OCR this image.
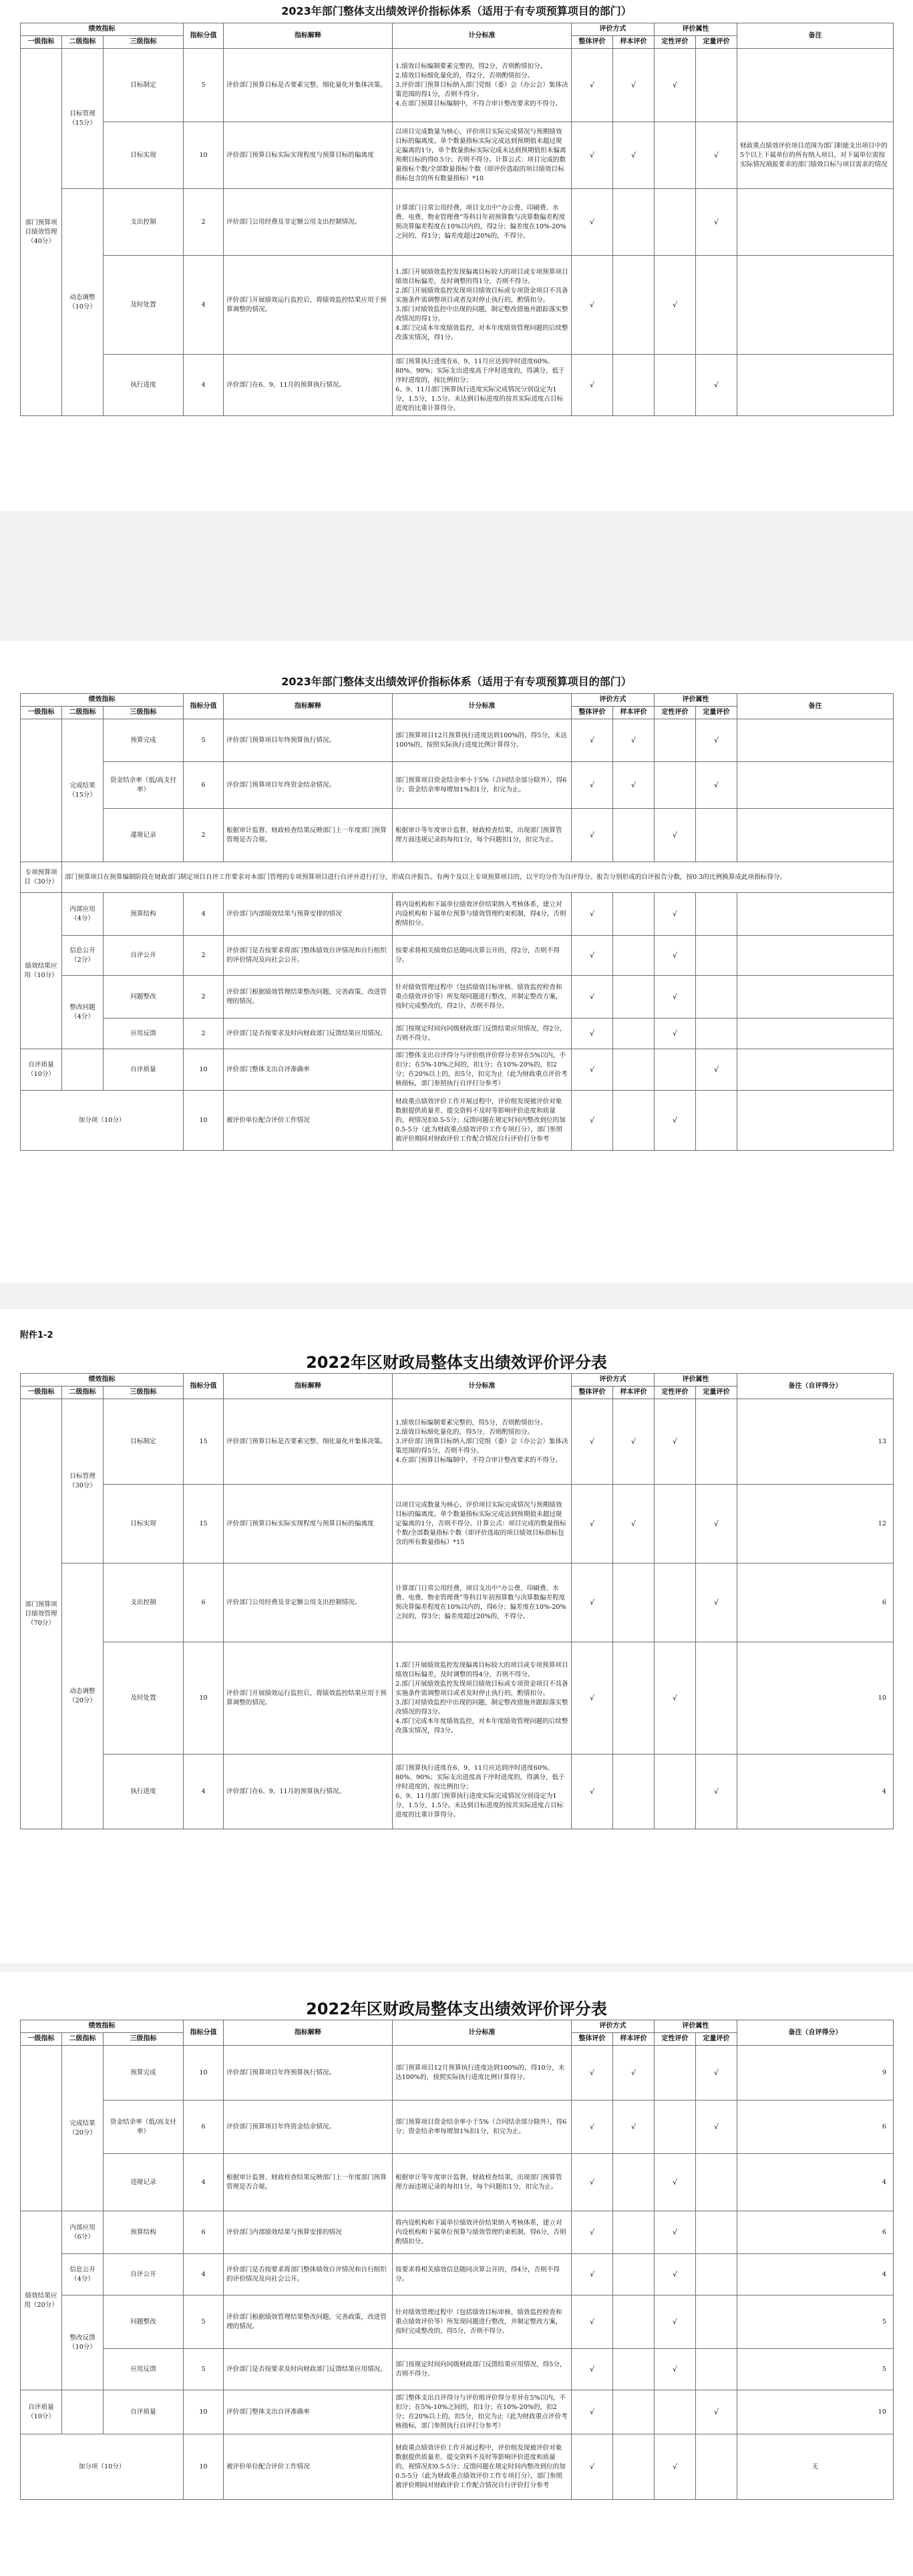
2023年部门整体支出绩效评价指标体系（适用于有专项预算项目的部门）
绩效指标			指标分值	指标解释	计分标准	评价方式		评价属性		备注
一级指标	二级指标	三级指标				整体评价	样本评价	定性评价	定量评价	
部门预算项目绩效管理（40分）	目标管理（15分）	目标制定	5	评价部门预算目标是否要素完整、细化量化并集体决策。	1.绩效目标编制要素完整的，得2分，否则酌情扣分。
2.绩效目标细化量化的，得2分，否则酌情扣分。
3.评价部门预算目标纳入部门党组（委）会（办公会）集体决策范围的得1分，否则不得分。
4.在部门预算目标编制中，不符合审计整改要求的不得分。	√	√	√		
		目标实现	10	评价部门预算目标实际实现程度与预算目标的偏离度	以项目完成数量为核心，评价项目实际完成情况与预期绩效目标的偏离度。单个数量指标实际完成达到预期值未超过规定偏离的1分，单个数量指标实际完成未达到预期值但未偏离预期目标的得0.5分；否则不得分。计算公式：项目完成的数量指标个数/全部数量指标个数（即评价选取的项目绩效目标指标包含的所有数量指标）*10	√	√		√	财政重点绩效评价项目范围为部门职能支出项目中的5个以上下属单位的所有纳入项目，对下属单位需按实际情况填报要求的部门绩效目标与项目需求的情况
	动态调整（10分）	支出控制	2	评价部门公用经费及非定额公用支出控制情况。	计算部门日常公用经费，项目支出中“办公费、印刷费、水费、电费、物业管理费”等科目年初预算数与决算数偏差程度
预决算偏差程度在10%以内的，得2分；偏差度在10%-20%之间的，得1分；偏差度超过20%的，不得分。	√			√	
		及时处置	4	评价部门开展绩效运行监控后，将绩效监控结果应用于预算调整的情况。	1.部门开展绩效监控发现偏离目标较大的项目或专项预算项目绩效目标偏差，及时调整的得1分，否则不得分。
2.部门开展绩效监控发现项目绩效目标或专项资金项目不具备实施条件需调整项目或者及时停止执行的，酌情扣分。
3.部门对绩效监控中出现的问题，制定整改措施并跟踪落实整改情况的得1分。
4.部门完成本年度绩效监控，对本年度绩效管理问题的后续整改落实情况，得1分。	√		√		
		执行进度	4	评价部门在6、9、11月的预算执行情况。	部门预算执行进度在6、9、11月应达到序时进度60%、80%、90%；实际支出进度高于序时进度的，得满分，低于序时进度的，按比例扣分；
6、9、11月部门预算执行进度实际完成情况分别设定为1分，1.5分，1.5分。未达到目标进度的按其实际进度占目标进度的比重计算得分。	√			√	
2023年部门整体支出绩效评价指标体系（适用于有专项预算项目的部门）
绩效指标			指标分值	指标解释	计分标准	评价方式		评价属性		备注
一级指标	二级指标	三级指标				整体评价	样本评价	定性评价	定量评价	
	完成结果（15分）	预算完成	5	评价部门预算项目年终预算执行情况。	部门预算项目12月预算执行进度达到100%的，得5分，未达100%的，按照实际执行进度比例计算得分。	√	√		√	
		资金结余率（低/高支付率）	6	评价部门预算项目年终资金结余情况。	部门预算项目资金结余率小于5%（合同结余部分除外），得6分；资金结余率每增加1%扣1分，扣完为止。	√	√		√	
		違规记录	2	根据审计监督、财政检查结果反映部门上一年度部门预算管理是否合规。	根据审计等年度审计监督、财政检查结果，出现部门预算管理方面违规记录的每扣1分，每个问题扣1分，扣完为止。	√		√		
专项预算项目（30分）	部门预算项目在预算编制阶段在财政部门制定项目自评工作要求对本部门管理的专项预算项目进行自评并进行打分，形成自评报告。有两个及以上专项预算项目的，以平均分作为自评得分。报告分别形成的自评报告分数，按0.3的比例换算成此项指标得分。									
绩效结果应用（10分）	内部应用（4分）	预算结构	4	评价部门内部绩效结果与预算安排的情况	将内设机构和下属单位绩效评价结果纳入考核体系，建立对内设机构和下属单位预算与绩效管理约束机制，得4分，否则酌情扣分。	√		√		
	信息公开（2分）	自评公开	2	评价部门是否按要求将部门整体绩效自评情况和自行组织的评价情况及向社会公开。	按要求将相关绩效信息随同决算公开的，得2分，否则不得分。	√		√		
	整改问题（4分）	问题整改	2	评价部门根据绩效管理结果整改问题，完善政策，改进管理的情况。	针对绩效管理过程中（包括绩效目标审核、绩效监控检查和重点绩效评价等）所发现问题进行整改，并制定整改方案，按时完成整改的，得2分，否则不得分。	√		√		
		应用反馈	2	评价部门是否按要求及时向财政部门反馈结果应用情况。	部门按规定时间向同级财政部门反馈结果应用情况，得2分，否则不得分。	√		√		
自评质量（10分）		自评质量	10	评价部门整体支出自评准确率	部门整体支出自评得分与评价组评价得分差异在5%以内，不扣分；在5%-10%之间的，扣1分；在10%-20%的，扣2分；在20%以上的，扣5分，扣完为止（此为财政重点评价考核指标，部门参照执行自评打分参考）	√			√	
加分项（10分）			10	被评价单位配合评价工作情况	财政重点绩效评价工作开展过程中，评价组发现被评价对象数据提供质量差、提交资料不及时等影响评价进度和质量的，视情况扣0.5-5分；反馈问题在规定时间内整改到位的加0.5-5分（此为财政重点绩效评价工作专项打分），部门参照被评价期间对财政评价工作配合情况自行评价打分参考	√		√		
附件1-2
2022年区财政局整体支出绩效评价评分表
绩效指标			指标分值	指标解释	计分标准	评价方式		评价属性		备注（自评得分）
一级指标	二级指标	三级指标				整体评价	样本评价	定性评价	定量评价	
部门预算项目绩效管理（70分）	目标管理（30分）	目标制定	15	评价部门预算目标是否要素完整、细化量化并集体决策。	1.绩效目标编制要素完整的，得5分，否则酌情扣分。
2.绩效目标细化量化的，得5分，否则酌情扣分。
3.评价部门预算目标纳入部门党组（委）会（办公会）集体决策范围的得5分，否则不得分。
4.在部门预算目标编制中，不符合审计整改要求的不得分。	√	√	√		13
		目标实现	15	评价部门预算目标实际实现程度与预算目标的偏离度	以项目完成数量为核心，评价项目实际完成情况与预期绩效目标的偏离度。单个数量指标实际完成达到预期值未超过规定偏离的1分，否则不得分。计算公式：项目完成的数量指标个数/全部数量指标个数（即评价选取的项目绩效目标指标包含的所有数量指标）*15	√	√		√	12
	动态调整（20分）	支出控制	6	评价部门公用经费及非定额公用支出控制情况。	计算部门日常公用经费，项目支出中“办公费、印刷费、水费、电费、物业管理费”等科目年初预算数与决算数偏差程度
预决算偏差程度在10%以内的，得6分；偏差度在10%-20%之间的，得3分；偏差度超过20%的，不得分。	√			√	6
		及时处置	10	评价部门开展绩效运行监控后，将绩效监控结果应用于预算调整的情况。	1.部门开展绩效监控发现偏离目标较大的项目或专项预算项目绩效目标偏差，及时调整的得4分，否则不得分。
2.部门开展绩效监控发现项目绩效目标或专项资金项目不具备实施条件需调整项目或者及时停止执行的，酌情扣分。
3.部门对绩效监控中出现的问题，制定整改措施并跟踪落实整改情况的得3分。
4.部门完成本年度绩效监控，对本年度绩效管理问题的后续整改落实情况，得3分。	√		√		10
		执行进度	4	评价部门在6、9、11月的预算执行情况。	部门预算执行进度在6、9、11月应达到序时进度60%、80%、90%；实际支出进度高于序时进度的，得满分，低于序时进度的，按比例扣分；
6、9、11月部门预算执行进度实际完成情况分别设定为1分，1.5分，1.5分。未达到目标进度的按其实际进度占目标进度的比重计算得分。	√			√	4
2022年区财政局整体支出绩效评价评分表
绩效指标			指标分值	指标解释	计分标准	评价方式		评价属性		备注（自评得分）
一级指标	二级指标	三级指标				整体评价	样本评价	定性评价	定量评价	
	完成结果（20分）	预算完成	10	评价部门预算项目年终预算执行情况。	部门预算项目12月预算执行进度达到100%的，得10分，未达100%的，按照实际执行进度比例计算得分。	√	√		√	9
		资金结余率（低/高支付率）	6	评价部门预算项目年终资金结余情况。	部门预算项目资金结余率小于5%（合同结余部分除外），得6分；资金结余率每增加1%扣1分，扣完为止。	√	√		√	6
		违规记录	4	根据审计监督、财政检查结果反映部门上一年度部门预算管理是否合规。	根据审计等年度审计监督、财政检查结果，出现部门预算管理方面违规记录的每扣1分，每个问题扣1分，扣完为止。	√		√		4
绩效结果应用（20分）	内部应用（6分）	预算结构	6	评价部门内部绩效结果与预算安排的情况	将内设机构和下属单位绩效评价结果纳入考核体系，建立对内设机构和下属单位预算与绩效管理约束机制，得6分，否则酌情扣分。	√		√		6
	信息公开（4分）	自评公开	4	评价部门是否按要求将部门整体绩效自评情况和自行组织的评价情况及向社会公开。	按要求将相关绩效信息随同决算公开的，得4分，否则不得分。	√		√		4
	整改反馈（10分）	问题整改	5	评价部门根据绩效管理结果整改问题，完善政策，改进管理的情况。	针对绩效管理过程中（包括绩效目标审核、绩效监控检查和重点绩效评价等）所发现问题进行整改，并制定整改方案，按时完成整改的，得5分，否则不得分。	√		√		5
		应用反馈	5	评价部门是否按要求及时向财政部门反馈结果应用情况。	部门按规定时间向同级财政部门反馈结果应用情况，得5分，否则不得分。	√		√		5
自评质量（10分）		自评质量	10	评价部门整体支出自评准确率	部门整体支出自评得分与评价组评价得分差异在5%以内，不扣分；在5%-10%之间的，扣1分；在10%-20%的，扣2分；在20%以上的，扣5分，扣完为止（此为财政重点评价考核指标，部门参照执行自评打分参考）	√			√	10
加分项（10分）			10	被评价单位配合评价工作情况	财政重点绩效评价工作开展过程中，评价组发现被评价对象数据提供质量差、提交资料不及时等影响评价进度和质量的，视情况扣0.5-5分；反馈问题在规定时间内整改到位的加0.5-5分（此为财政重点绩效评价工作专项打分），部门参照被评价期间对财政评价工作配合情况自行评价打分参考	√		√		无
